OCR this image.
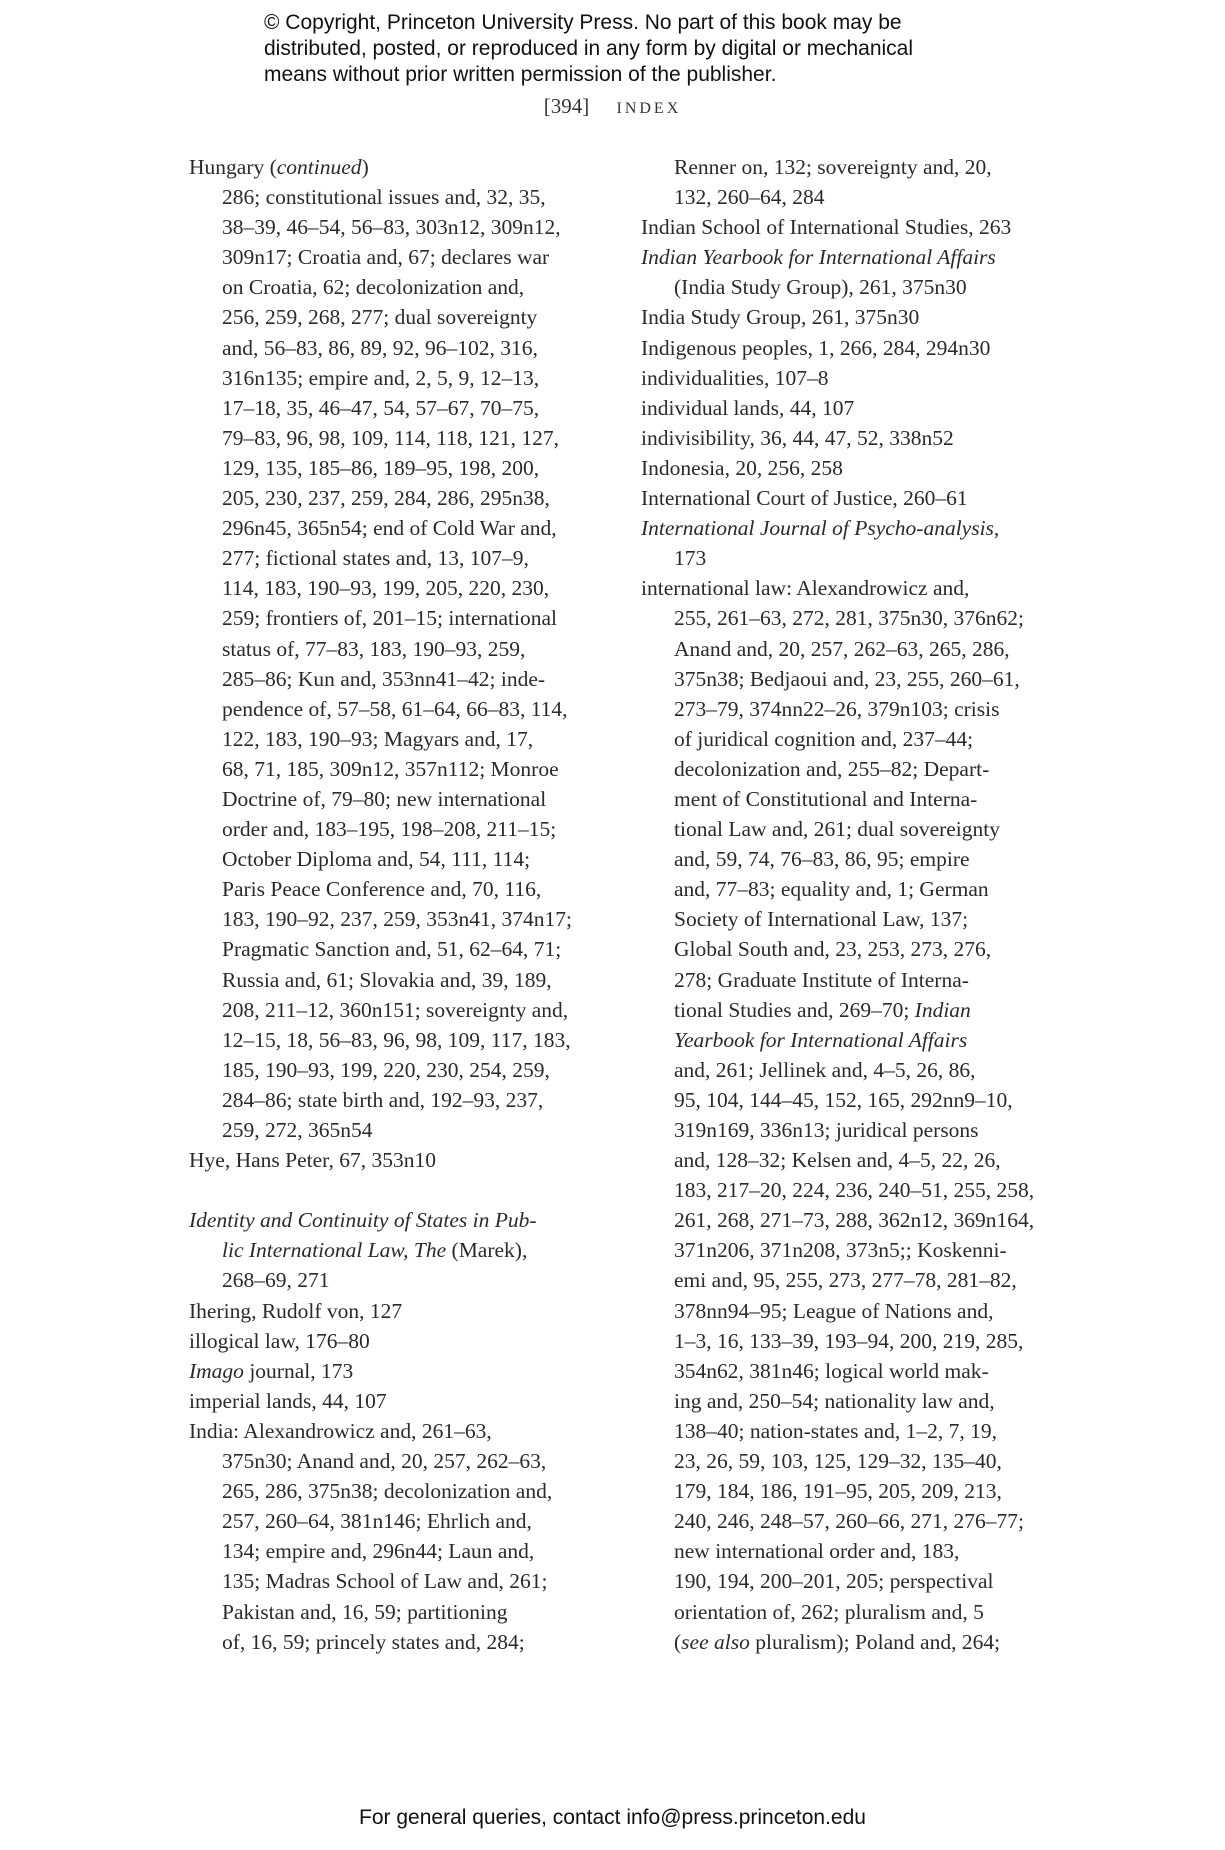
© Copyright, Princeton University Press. No part of this book may be
distributed, posted, or reproduced in any form by digital or mechanical
means without prior written permission of the publisher.
[394] INDEX
Hungary (continued)
286; constitutional issues and, 32, 35,
38–39, 46–54, 56–83, 303n12, 309n12,
309n17; Croatia and, 67; declares war
on Croatia, 62; decolonization and,
256, 259, 268, 277; dual sovereignty
and, 56–83, 86, 89, 92, 96–102, 316,
316n135; empire and, 2, 5, 9, 12–13,
17–18, 35, 46–47, 54, 57–67, 70–75,
79–83, 96, 98, 109, 114, 118, 121, 127,
129, 135, 185–86, 189–95, 198, 200,
205, 230, 237, 259, 284, 286, 295n38,
296n45, 365n54; end of Cold War and,
277; fictional states and, 13, 107–9,
114, 183, 190–93, 199, 205, 220, 230,
259; frontiers of, 201–15; international
status of, 77–83, 183, 190–93, 259,
285–86; Kun and, 353nn41–42; inde-
pendence of, 57–58, 61–64, 66–83, 114,
122, 183, 190–93; Magyars and, 17,
68, 71, 185, 309n12, 357n112; Monroe
Doctrine of, 79–80; new international
order and, 183–195, 198–208, 211–15;
October Diploma and, 54, 111, 114;
Paris Peace Conference and, 70, 116,
183, 190–92, 237, 259, 353n41, 374n17;
Pragmatic Sanction and, 51, 62–64, 71;
Russia and, 61; Slovakia and, 39, 189,
208, 211–12, 360n151; sovereignty and,
12–15, 18, 56–83, 96, 98, 109, 117, 183,
185, 190–93, 199, 220, 230, 254, 259,
284–86; state birth and, 192–93, 237,
259, 272, 365n54
Hye, Hans Peter, 67, 353n10
Identity and Continuity of States in Pub-
lic International Law, The (Marek),
268–69, 271
Ihering, Rudolf von, 127
illogical law, 176–80
Imago journal, 173
imperial lands, 44, 107
India: Alexandrowicz and, 261–63,
375n30; Anand and, 20, 257, 262–63,
265, 286, 375n38; decolonization and,
257, 260–64, 381n146; Ehrlich and,
134; empire and, 296n44; Laun and,
135; Madras School of Law and, 261;
Pakistan and, 16, 59; partitioning
of, 16, 59; princely states and, 284;
Renner on, 132; sovereignty and, 20,
132, 260–64, 284
Indian School of International Studies, 263
Indian Yearbook for International Affairs
(India Study Group), 261, 375n30
India Study Group, 261, 375n30
Indigenous peoples, 1, 266, 284, 294n30
individualities, 107–8
individual lands, 44, 107
indivisibility, 36, 44, 47, 52, 338n52
Indonesia, 20, 256, 258
International Court of Justice, 260–61
International Journal of Psycho-analysis,
173
international law: Alexandrowicz and,
255, 261–63, 272, 281, 375n30, 376n62;
Anand and, 20, 257, 262–63, 265, 286,
375n38; Bedjaoui and, 23, 255, 260–61,
273–79, 374nn22–26, 379n103; crisis
of juridical cognition and, 237–44;
decolonization and, 255–82; Depart-
ment of Constitutional and Interna-
tional Law and, 261; dual sovereignty
and, 59, 74, 76–83, 86, 95; empire
and, 77–83; equality and, 1; German
Society of International Law, 137;
Global South and, 23, 253, 273, 276,
278; Graduate Institute of Interna-
tional Studies and, 269–70; Indian
Yearbook for International Affairs
and, 261; Jellinek and, 4–5, 26, 86,
95, 104, 144–45, 152, 165, 292nn9–10,
319n169, 336n13; juridical persons
and, 128–32; Kelsen and, 4–5, 22, 26,
183, 217–20, 224, 236, 240–51, 255, 258,
261, 268, 271–73, 288, 362n12, 369n164,
371n206, 371n208, 373n5;; Koskenni-
emi and, 95, 255, 273, 277–78, 281–82,
378nn94–95; League of Nations and,
1–3, 16, 133–39, 193–94, 200, 219, 285,
354n62, 381n46; logical world mak-
ing and, 250–54; nationality law and,
138–40; nation-states and, 1–2, 7, 19,
23, 26, 59, 103, 125, 129–32, 135–40,
179, 184, 186, 191–95, 205, 209, 213,
240, 246, 248–57, 260–66, 271, 276–77;
new international order and, 183,
190, 194, 200–201, 205; perspectival
orientation of, 262; pluralism and, 5
(see also pluralism); Poland and, 264;
For general queries, contact info@press.princeton.edu
